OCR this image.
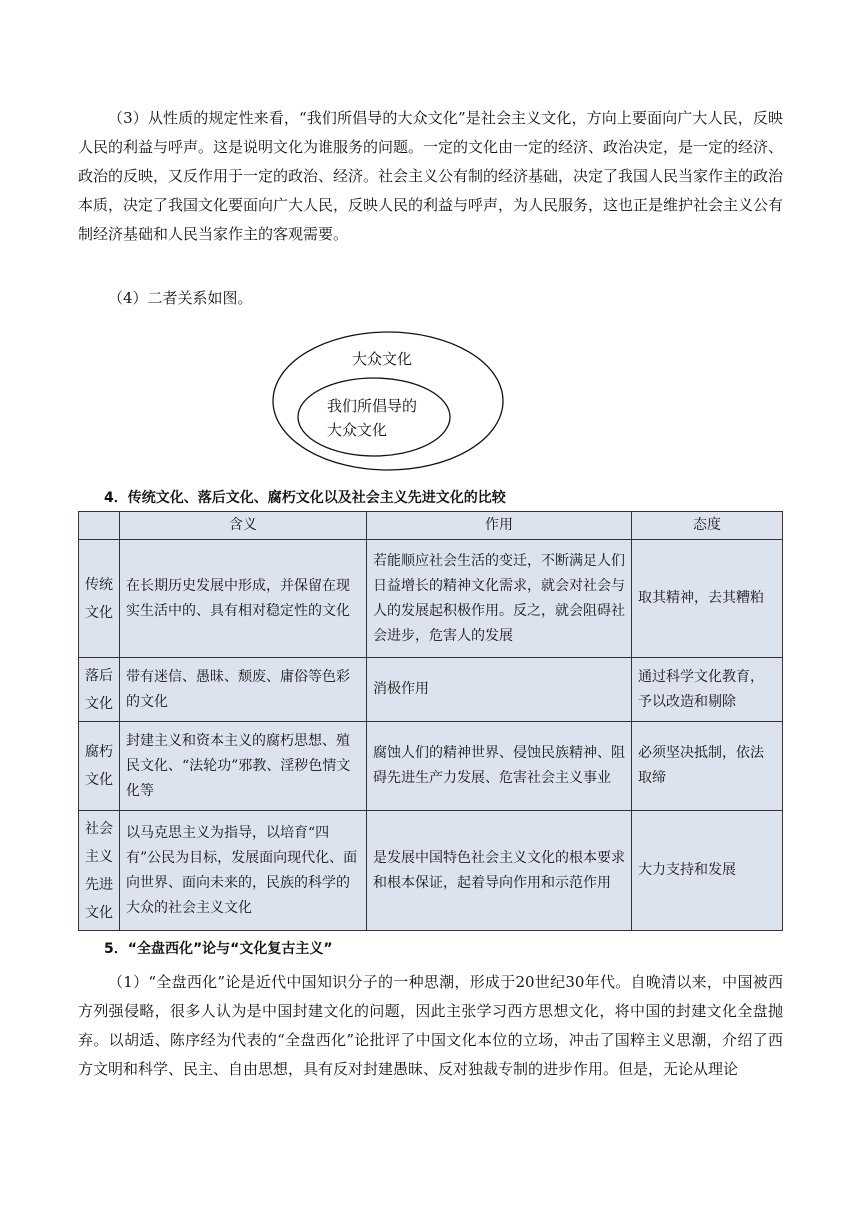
（3）从性质的规定性来看，“我们所倡导的大众文化”是社会主义文化，方向上要面向广大人民，反映人民的利益与呼声。这是说明文化为谁服务的问题。一定的文化由一定的经济、政治决定，是一定的经济、政治的反映，又反作用于一定的政治、经济。社会主义公有制的经济基础，决定了我国人民当家作主的政治本质，决定了我国文化要面向广大人民，反映人民的利益与呼声，为人民服务，这也正是维护社会主义公有制经济基础和人民当家作主的客观需要。

（4）二者关系如图。

大众文化
我们所倡导的大众文化

4．传统文化、落后文化、腐朽文化以及社会主义先进文化的比较

	含义	作用	态度
传统文化	在长期历史发展中形成，并保留在现实生活中的、具有相对稳定性的文化	若能顺应社会生活的变迁，不断满足人们日益增长的精神文化需求，就会对社会与人的发展起积极作用。反之，就会阻碍社会进步，危害人的发展	取其精神，去其糟粕
落后文化	带有迷信、愚昧、颓废、庸俗等色彩的文化	消极作用	通过科学文化教育，予以改造和剔除
腐朽文化	封建主义和资本主义的腐朽思想、殖民文化、“法轮功”邪教、淫秽色情文化等	腐蚀人们的精神世界、侵蚀民族精神、阻碍先进生产力发展、危害社会主义事业	必须坚决抵制，依法取缔
社会主义先进文化	以马克思主义为指导，以培育“四有”公民为目标，发展面向现代化、面向世界、面向未来的，民族的科学的大众的社会主义文化	是发展中国特色社会主义文化的根本要求和根本保证，起着导向作用和示范作用	大力支持和发展

5．“全盘西化”论与“文化复古主义”

（1）“全盘西化”论是近代中国知识分子的一种思潮，形成于20世纪30年代。自晚清以来，中国被西方列强侵略，很多人认为是中国封建文化的问题，因此主张学习西方思想文化，将中国的封建文化全盘抛弃。以胡适、陈序经为代表的“全盘西化”论批评了中国文化本位的立场，冲击了国粹主义思潮，介绍了西方文明和科学、民主、自由思想，具有反对封建愚昧、反对独裁专制的进步作用。但是，无论从理论
